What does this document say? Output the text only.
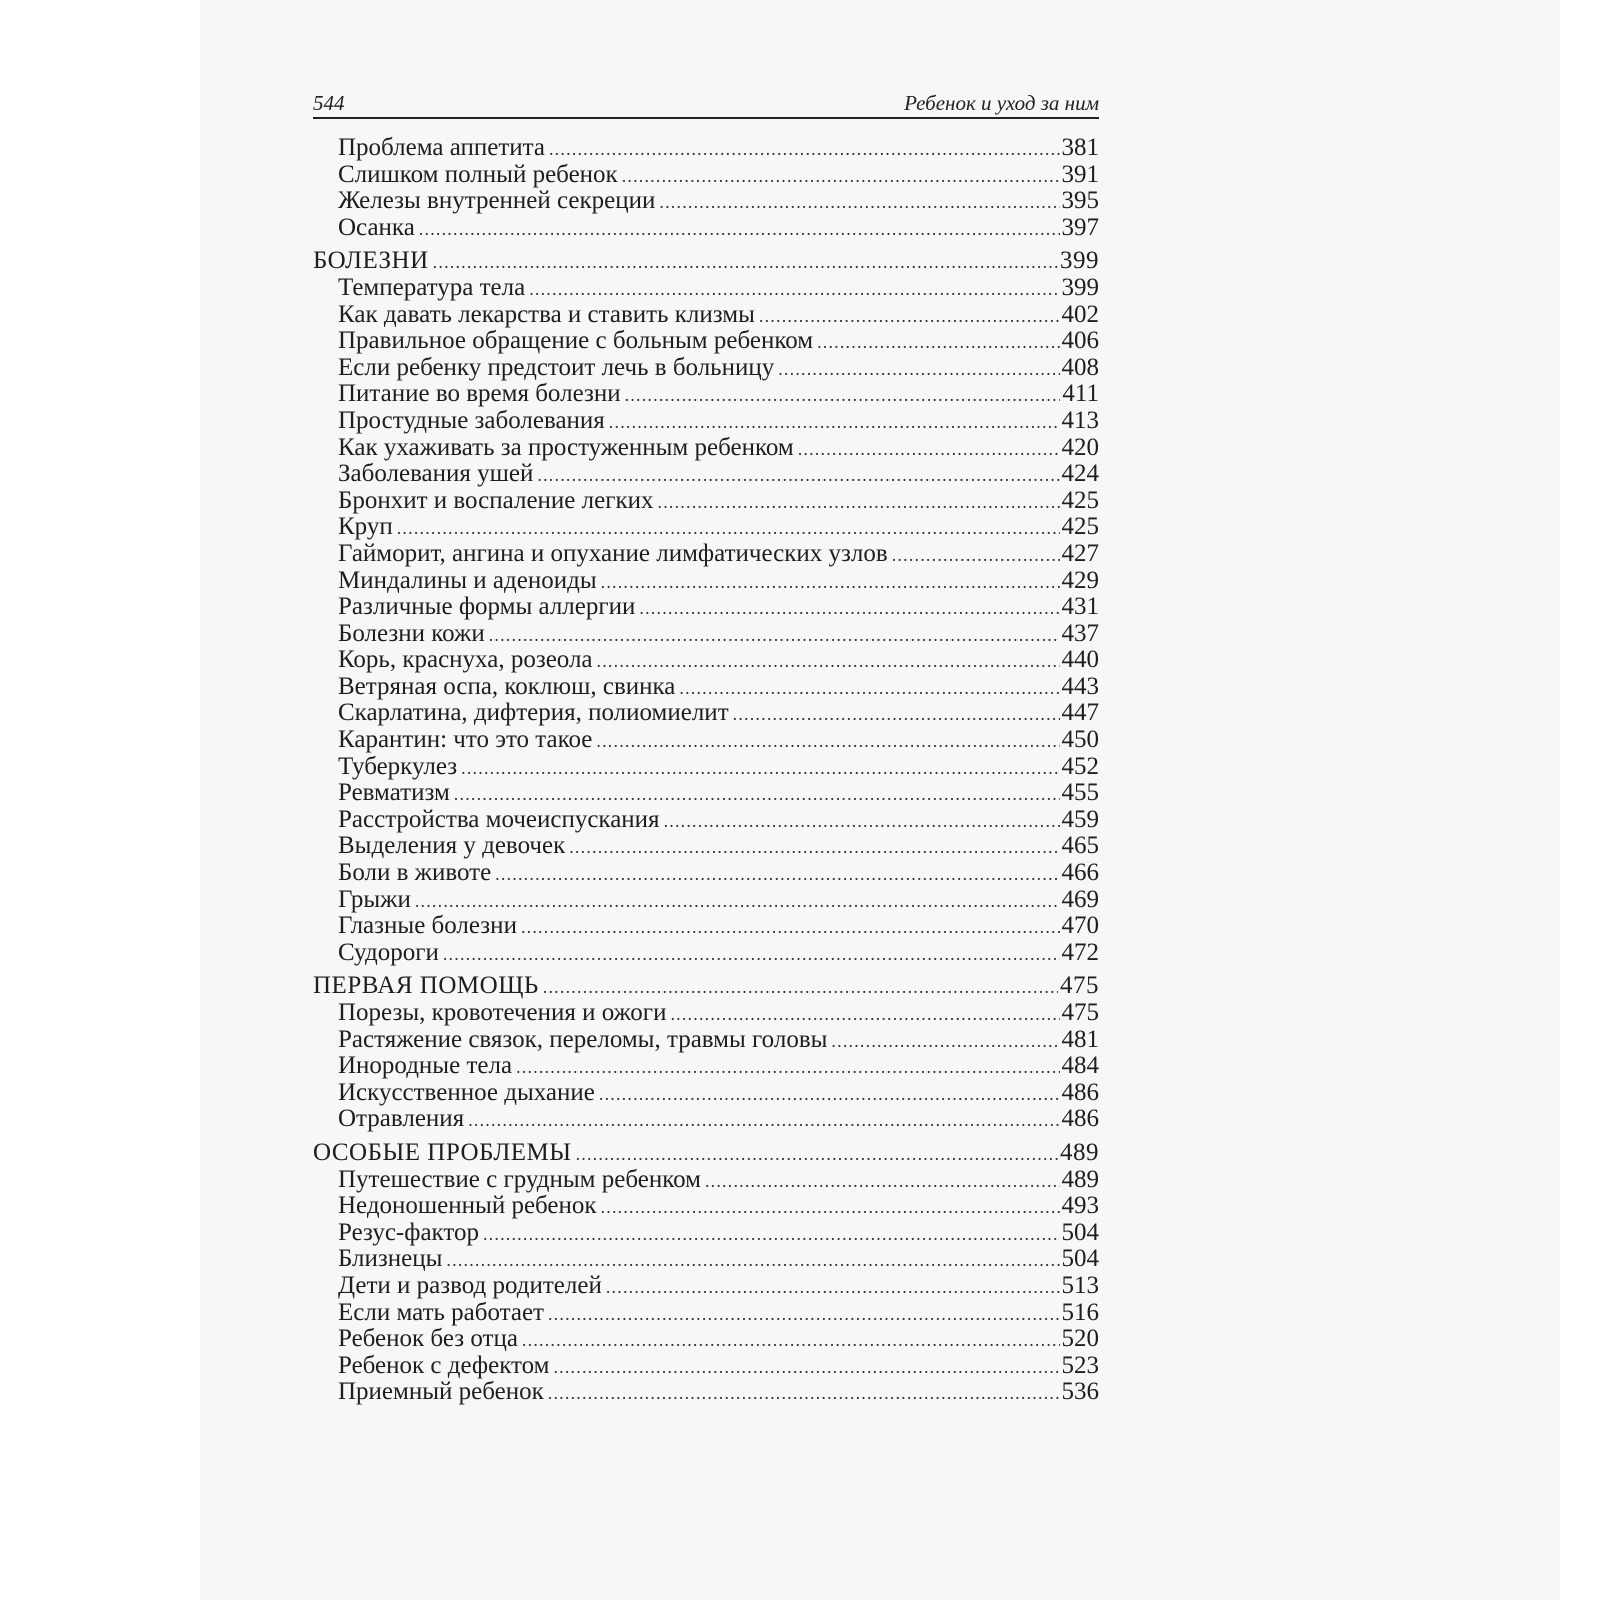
544	Ребенок и уход за ним
Проблема аппетита .....	381
Слишком полный ребенок .....	391
Железы внутренней секреции .....	395
Осанка .....	397
БОЛЕЗНИ .....	399
Температура тела .....	399
Как давать лекарства и ставить клизмы .....	402
Правильное обращение с больным ребенком .....	406
Если ребенку предстоит лечь в больницу .....	408
Питание во время болезни .....	411
Простудные заболевания .....	413
Как ухаживать за простуженным ребенком .....	420
Заболевания ушей .....	424
Бронхит и воспаление легких .....	425
Круп .....	425
Гайморит, ангина и опухание лимфатических узлов .....	427
Миндалины и аденоиды .....	429
Различные формы аллергии .....	431
Болезни кожи .....	437
Корь, краснуха, розеола .....	440
Ветряная оспа, коклюш, свинка .....	443
Скарлатина, дифтерия, полиомиелит .....	447
Карантин: что это такое .....	450
Туберкулез .....	452
Ревматизм .....	455
Расстройства мочеиспускания .....	459
Выделения у девочек .....	465
Боли в животе .....	466
Грыжи .....	469
Глазные болезни .....	470
Судороги .....	472
ПЕРВАЯ ПОМОЩЬ .....	475
Порезы, кровотечения и ожоги .....	475
Растяжение связок, переломы, травмы головы .....	481
Инородные тела .....	484
Искусственное дыхание .....	486
Отравления .....	486
ОСОБЫЕ ПРОБЛЕМЫ .....	489
Путешествие с грудным ребенком .....	489
Недоношенный ребенок .....	493
Резус-фактор .....	504
Близнецы .....	504
Дети и развод родителей .....	513
Если мать работает .....	516
Ребенок без отца .....	520
Ребенок с дефектом .....	523
Приемный ребенок .....	536
